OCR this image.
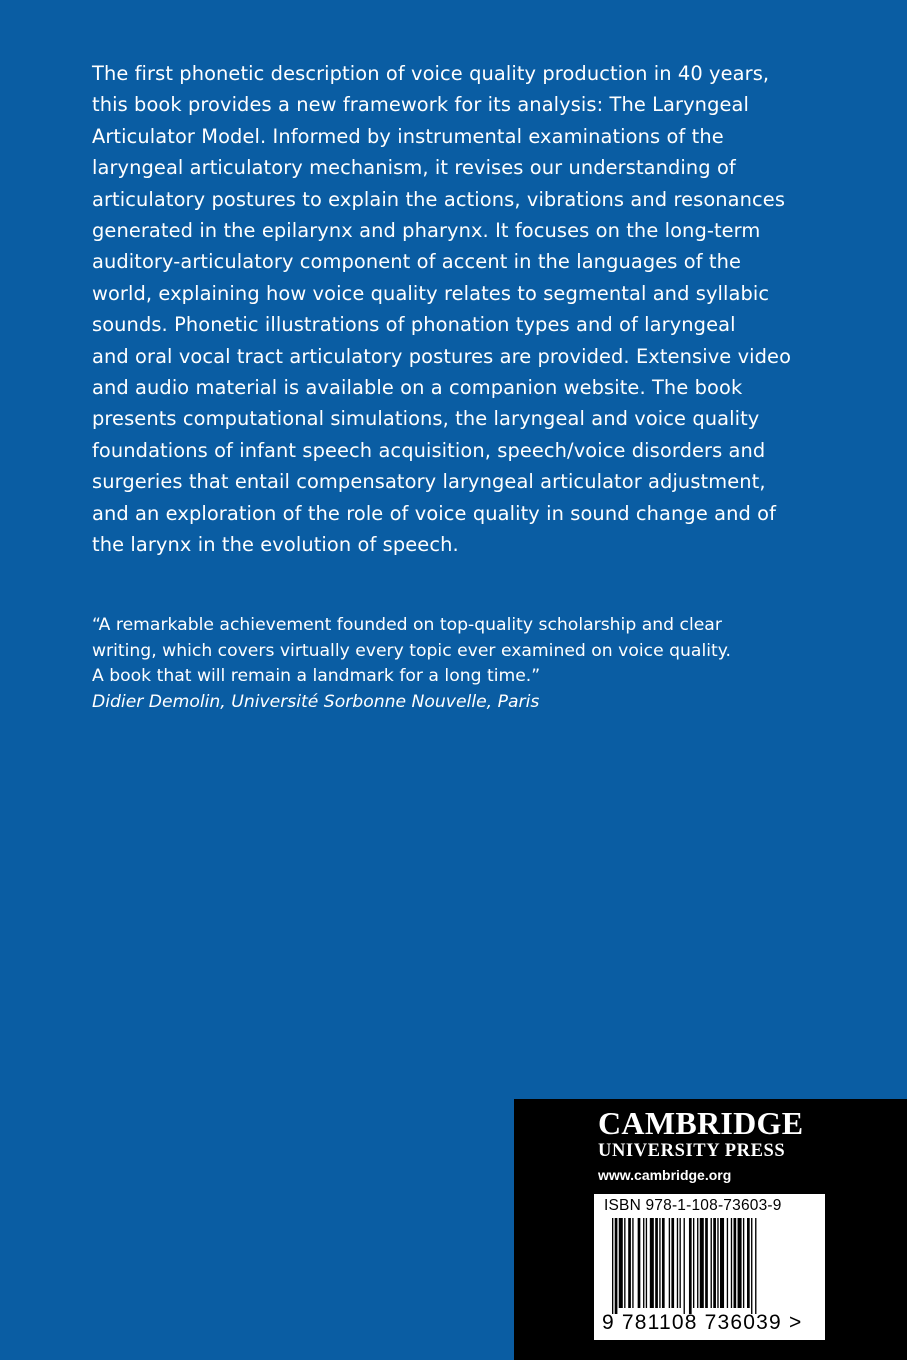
The first phonetic description of voice quality production in 40 years,
this book provides a new framework for its analysis: The Laryngeal
Articulator Model. Informed by instrumental examinations of the
laryngeal articulatory mechanism, it revises our understanding of
articulatory postures to explain the actions, vibrations and resonances
generated in the epilarynx and pharynx. It focuses on the long-term
auditory-articulatory component of accent in the languages of the
world, explaining how voice quality relates to segmental and syllabic
sounds. Phonetic illustrations of phonation types and of laryngeal
and oral vocal tract articulatory postures are provided. Extensive video
and audio material is available on a companion website. The book
presents computational simulations, the laryngeal and voice quality
foundations of infant speech acquisition, speech/voice disorders and
surgeries that entail compensatory laryngeal articulator adjustment,
and an exploration of the role of voice quality in sound change and of
the larynx in the evolution of speech.
“A remarkable achievement founded on top-quality scholarship and clear
writing, which covers virtually every topic ever examined on voice quality.
A book that will remain a landmark for a long time.”
Didier Demolin, Université Sorbonne Nouvelle, Paris
CAMBRIDGE
UNIVERSITY PRESS
www.cambridge.org
ISBN 978-1-108-73603-9
9 781108 736039 >
